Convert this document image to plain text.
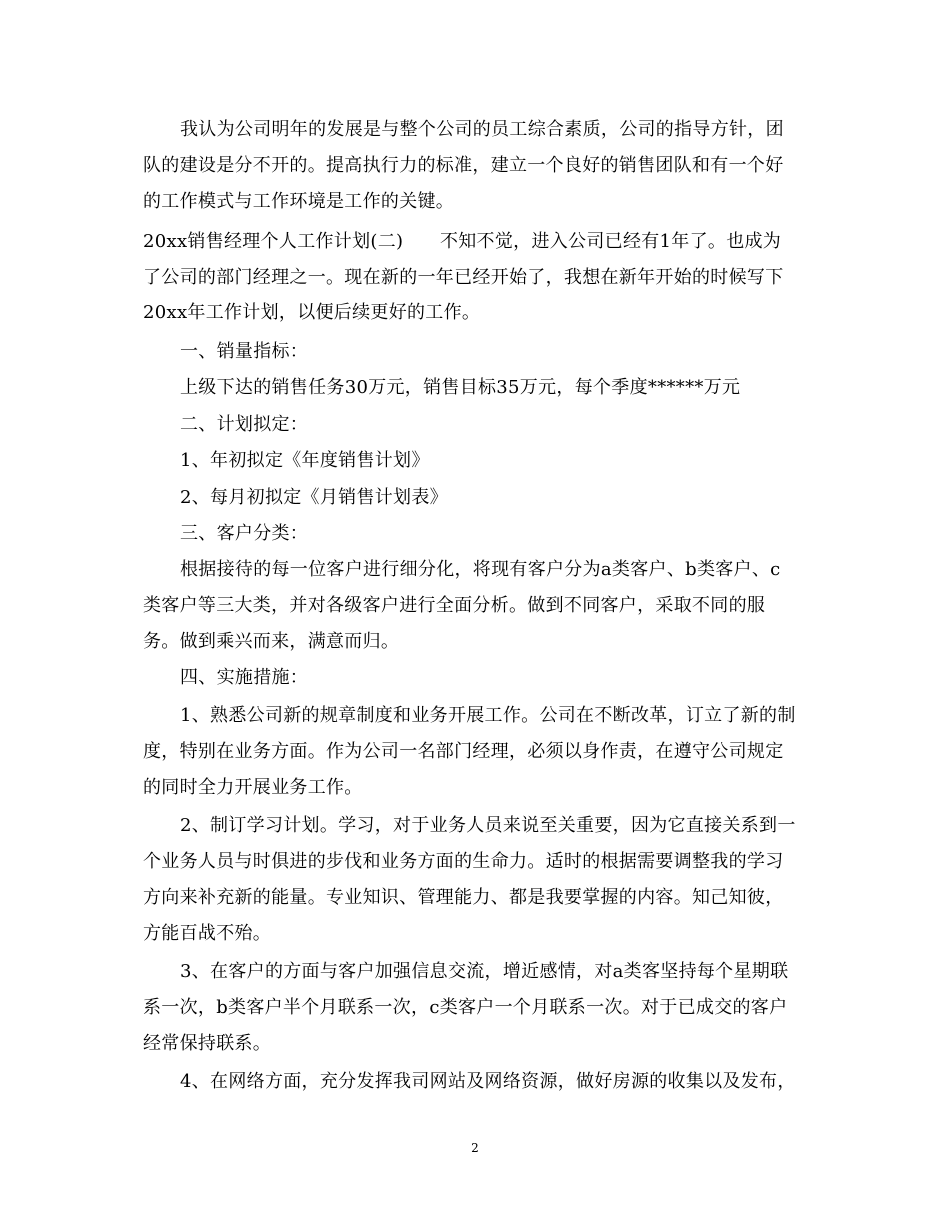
我认为公司明年的发展是与整个公司的员工综合素质，公司的指导方针，团
队的建设是分不开的。提高执行力的标准，建立一个良好的销售团队和有一个好
的工作模式与工作环境是工作的关键。
20xx销售经理个人工作计划(二)　　不知不觉，进入公司已经有1年了。也成为
了公司的部门经理之一。现在新的一年已经开始了，我想在新年开始的时候写下
20xx年工作计划，以便后续更好的工作。
一、销量指标：
上级下达的销售任务30万元，销售目标35万元，每个季度******万元
二、计划拟定：
1、年初拟定《年度销售计划》
2、每月初拟定《月销售计划表》
三、客户分类：
根据接待的每一位客户进行细分化，将现有客户分为a类客户、b类客户、c
类客户等三大类，并对各级客户进行全面分析。做到不同客户，采取不同的服
务。做到乘兴而来，满意而归。
四、实施措施：
1、熟悉公司新的规章制度和业务开展工作。公司在不断改革，订立了新的制
度，特别在业务方面。作为公司一名部门经理，必须以身作责，在遵守公司规定
的同时全力开展业务工作。
2、制订学习计划。学习，对于业务人员来说至关重要，因为它直接关系到一
个业务人员与时俱进的步伐和业务方面的生命力。适时的根据需要调整我的学习
方向来补充新的能量。专业知识、管理能力、都是我要掌握的内容。知己知彼，
方能百战不殆。
3、在客户的方面与客户加强信息交流，增近感情，对a类客坚持每个星期联
系一次，b类客户半个月联系一次，c类客户一个月联系一次。对于已成交的客户
经常保持联系。
4、在网络方面，充分发挥我司网站及网络资源，做好房源的收集以及发布，
2
